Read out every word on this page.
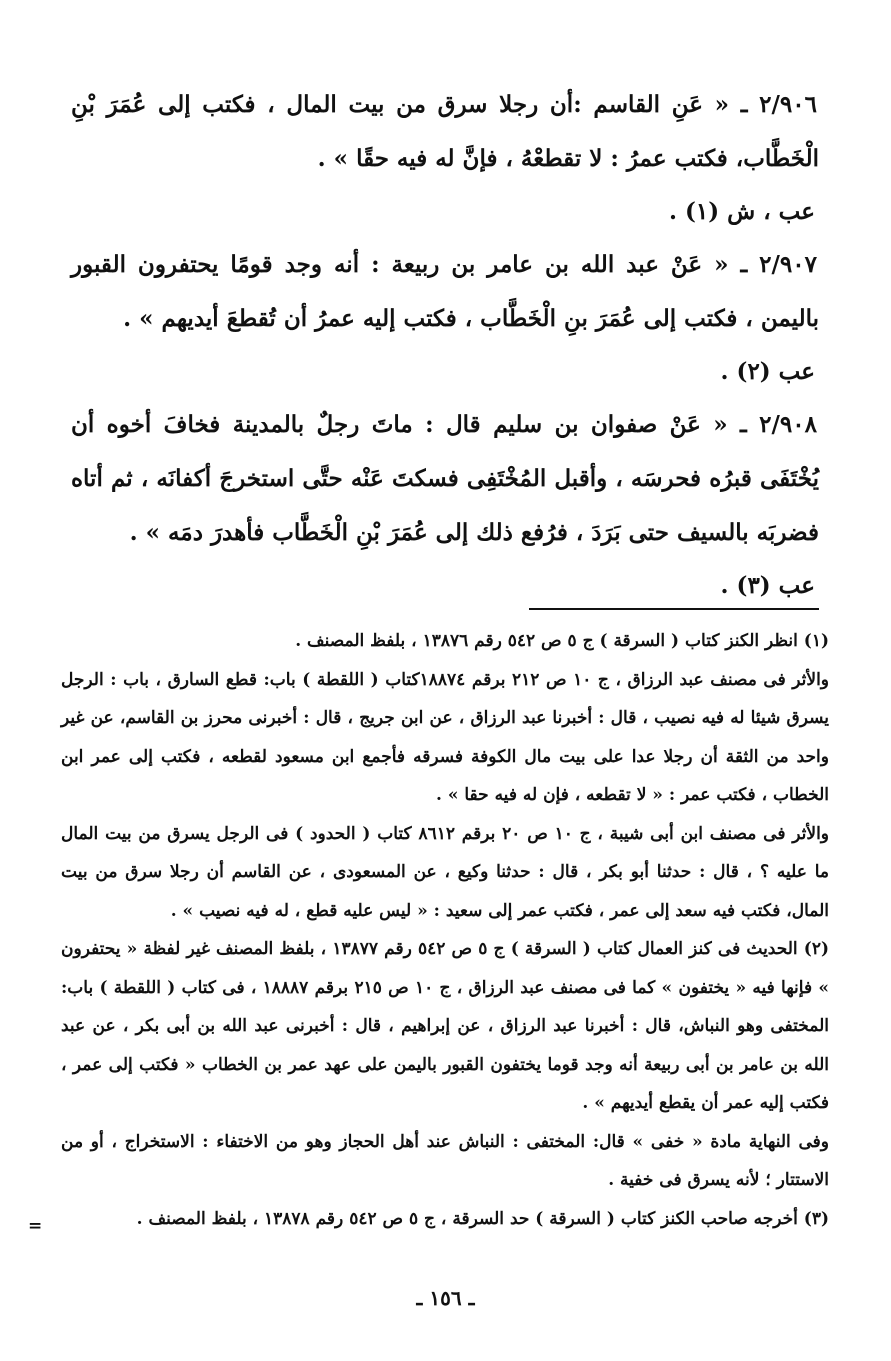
٢/٩٠٦ ـ « عَنِ القاسم :أن رجلا سرق من بيت المال ، فكتب إلى عُمَرَ بْنِ الْخَطَّاب، فكتب عمرُ : لا تقطعْهُ ، فإنَّ له فيه حقًا » .

عب ، ش (١) .

٢/٩٠٧ ـ « عَنْ عبد الله بن عامر بن ربيعة : أنه وجد قومًا يحتفرون القبور باليمن ، فكتب إلى عُمَرَ بنِ الْخَطَّاب ، فكتب إليه عمرُ أن تُقطعَ أيديهم » .

عب (٢) .

٢/٩٠٨ ـ « عَنْ صفوان بن سليم قال : ماتَ رجلٌ بالمدينة فخافَ أخوه أن يُخْتَفَى قبرُه فحرسَه ، وأقبل المُخْتَفِى فسكتَ عَنْه حتَّى استخرجَ أكفانَه ، ثم أتاه فضربَه بالسيف حتى بَرَدَ ، فرُفع ذلك إلى عُمَرَ بْنِ الْخَطَّاب فأهدرَ دمَه » .

عب (٣) .

(١) انظر الكنز كتاب ( السرقة ) ج ٥ ص ٥٤٢ رقم ١٣٨٧٦ ، بلفظ المصنف .

والأثر فى مصنف عبد الرزاق ، ج ١٠ ص ٢١٢ برقم ١٨٨٧٤كتاب ( اللقطة ) باب: قطع السارق ، باب : الرجل يسرق شيئا له فيه نصيب ، قال : أخبرنا عبد الرزاق ، عن ابن جريج ، قال : أخبرنى محرز بن القاسم، عن غير واحد من الثقة أن رجلا عدا على بيت مال الكوفة فسرقه فأجمع ابن مسعود لقطعه ، فكتب إلى عمر ابن الخطاب ، فكتب عمر : « لا تقطعه ، فإن له فيه حقا » .

والأثر فى مصنف ابن أبى شيبة ، ج ١٠ ص ٢٠ برقم ٨٦١٢ كتاب ( الحدود ) فى الرجل يسرق من بيت المال ما عليه ؟ ، قال : حدثنا أبو بكر ، قال : حدثنا وكيع ، عن المسعودى ، عن القاسم أن رجلا سرق من بيت المال، فكتب فيه سعد إلى عمر ، فكتب عمر إلى سعيد : « ليس عليه قطع ، له فيه نصيب » .

(٢) الحديث فى كنز العمال كتاب ( السرقة ) ج ٥ ص ٥٤٢ رقم ١٣٨٧٧ ، بلفظ المصنف غير لفظة « يحتفرون » فإنها فيه « يختفون » كما فى مصنف عبد الرزاق ، ج ١٠ ص ٢١٥ برقم ١٨٨٨٧ ، فى كتاب ( اللقطة ) باب: المختفى وهو النباش، قال : أخبرنا عبد الرزاق ، عن إبراهيم ، قال : أخبرنى عبد الله بن أبى بكر ، عن عبد الله بن عامر بن أبى ربيعة أنه وجد قوما يختفون القبور باليمن على عهد عمر بن الخطاب « فكتب إلى عمر ، فكتب إليه عمر أن يقطع أيديهم » .

وفى النهاية مادة « خفى » قال: المختفى : النباش عند أهل الحجاز وهو من الاختفاء : الاستخراج ، أو من الاستتار ؛ لأنه يسرق فى خفية .

(٣) أخرجه صاحب الكنز كتاب ( السرقة ) حد السرقة ، ج ٥ ص ٥٤٢ رقم ١٣٨٧٨ ، بلفظ المصنف .

=
ـ ١٥٦ ـ
